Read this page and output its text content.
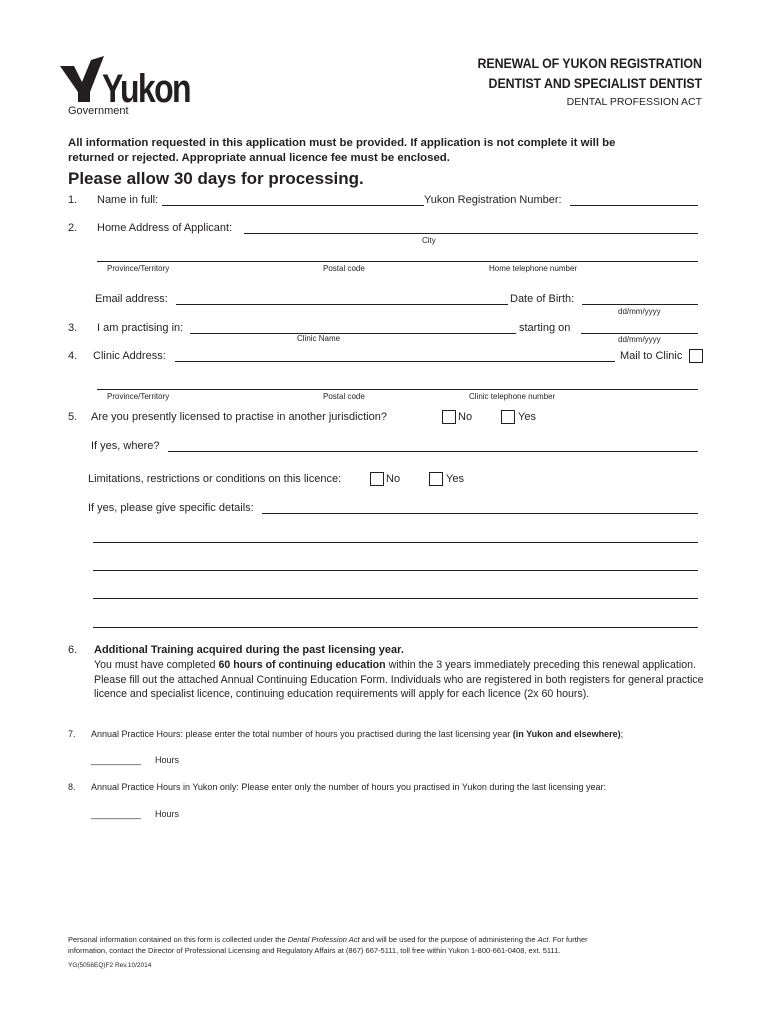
Yukon
Government
RENEWAL OF YUKON REGISTRATION
DENTIST AND SPECIALIST DENTIST
DENTAL PROFESSION ACT
All information requested in this application must be provided. If application is not complete it will be
returned or rejected. Appropriate annual licence fee must be enclosed.
Please allow 30 days for processing.
1. Name in full:	Yukon Registration Number:
2. Home Address of Applicant:
City
Province/Territory	Postal code	Home telephone number
Email address:	Date of Birth:
dd/mm/yyyy
3. I am practising in:
Clinic Name
starting on
dd/mm/yyyy
4. Clinic Address:	Mail to Clinic
Province/Territory	Postal code	Clinic telephone number
5. Are you presently licensed to practise in another jurisdiction?	No	Yes
If yes, where?
Limitations, restrictions or conditions on this licence:	No	Yes
If yes, please give specific details:
6. Additional Training acquired during the past licensing year.
You must have completed 60 hours of continuing education within the 3 years immediately preceding this renewal application. Please fill out the attached Annual Continuing Education Form. Individuals who are registered in both registers for general practice licence and specialist licence, continuing education requirements will apply for each licence (2x 60 hours).
7. Annual Practice Hours: please enter the total number of hours you practised during the last licensing year (in Yukon and elsewhere);
__________ Hours
8. Annual Practice Hours in Yukon only: Please enter only the number of hours you practised in Yukon during the last licensing year:
__________ Hours
Personal information contained on this form is collected under the Dental Profession Act and will be used for the purpose of administering the Act. For further
information, contact the Director of Professional Licensing and Regulatory Affairs at (867) 667-5111, toll free within Yukon 1-800-661-0408, ext. 5111.
YG(5056EQ)F2 Rev.10/2014
